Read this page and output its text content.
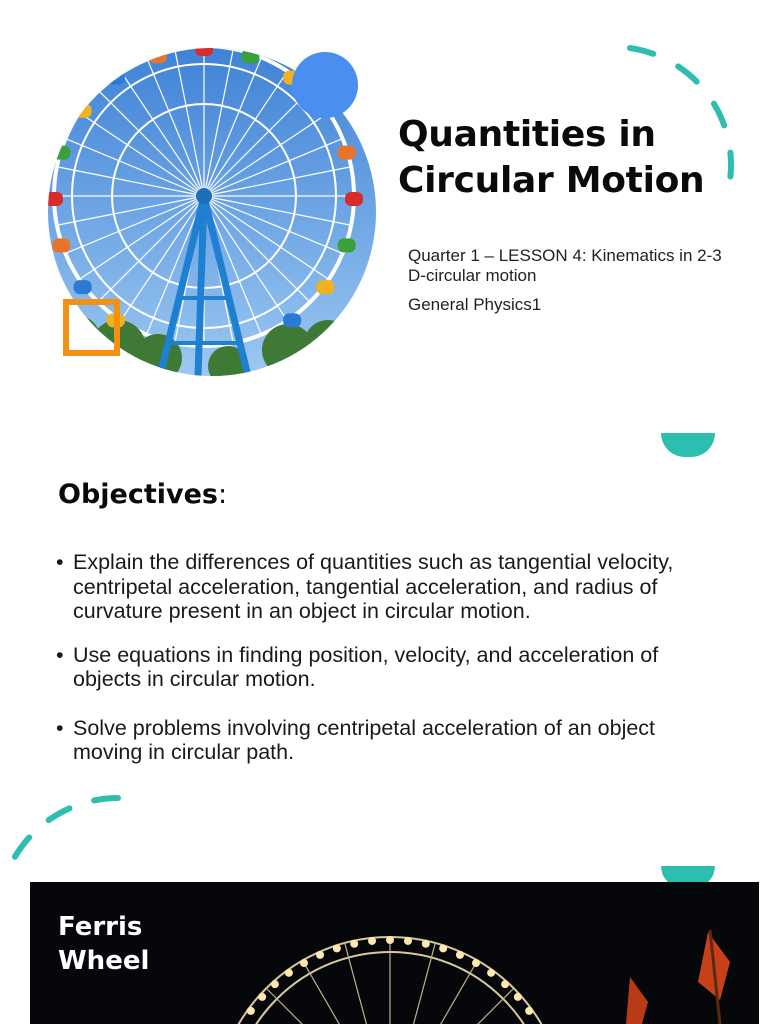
Quantities in
Circular Motion
Quarter 1 – LESSON 4: Kinematics in 2-3 D-circular motion
General Physics1
Objectives:
• Explain the differences of quantities such as tangential velocity, centripetal acceleration, tangential acceleration, and radius of curvature present in an object in circular motion.
• Use equations in finding position, velocity, and acceleration of objects in circular motion.
• Solve problems involving centripetal acceleration of an object moving in circular path.
Ferris
Wheel
